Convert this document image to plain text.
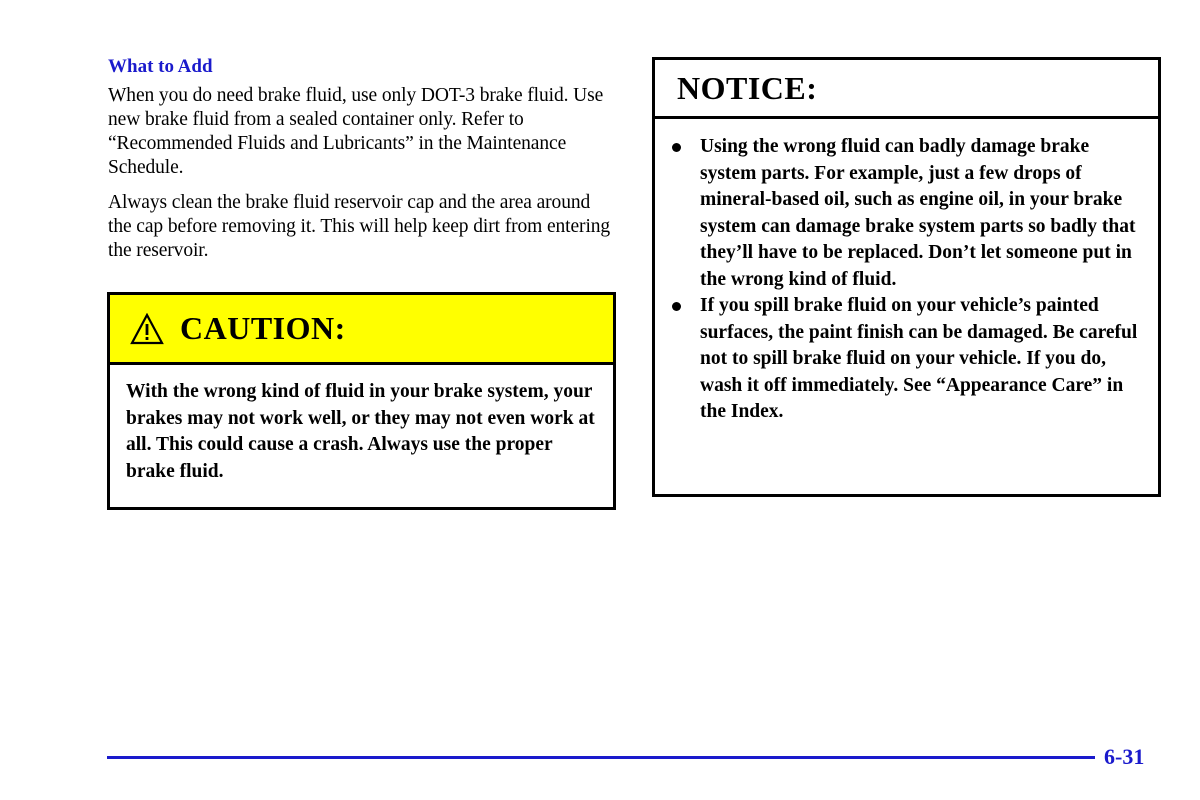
What to Add

When you do need brake fluid, use only DOT-3 brake fluid. Use new brake fluid from a sealed container only. Refer to “Recommended Fluids and Lubricants” in the Maintenance Schedule.

Always clean the brake fluid reservoir cap and the area around the cap before removing it. This will help keep dirt from entering the reservoir.

CAUTION:
With the wrong kind of fluid in your brake system, your brakes may not work well, or they may not even work at all. This could cause a crash. Always use the proper brake fluid.
NOTICE:
Using the wrong fluid can badly damage brake system parts. For example, just a few drops of mineral-based oil, such as engine oil, in your brake system can damage brake system parts so badly that they’ll have to be replaced. Don’t let someone put in the wrong kind of fluid.
If you spill brake fluid on your vehicle’s painted surfaces, the paint finish can be damaged. Be careful not to spill brake fluid on your vehicle. If you do, wash it off immediately. See “Appearance Care” in the Index.
6-31
